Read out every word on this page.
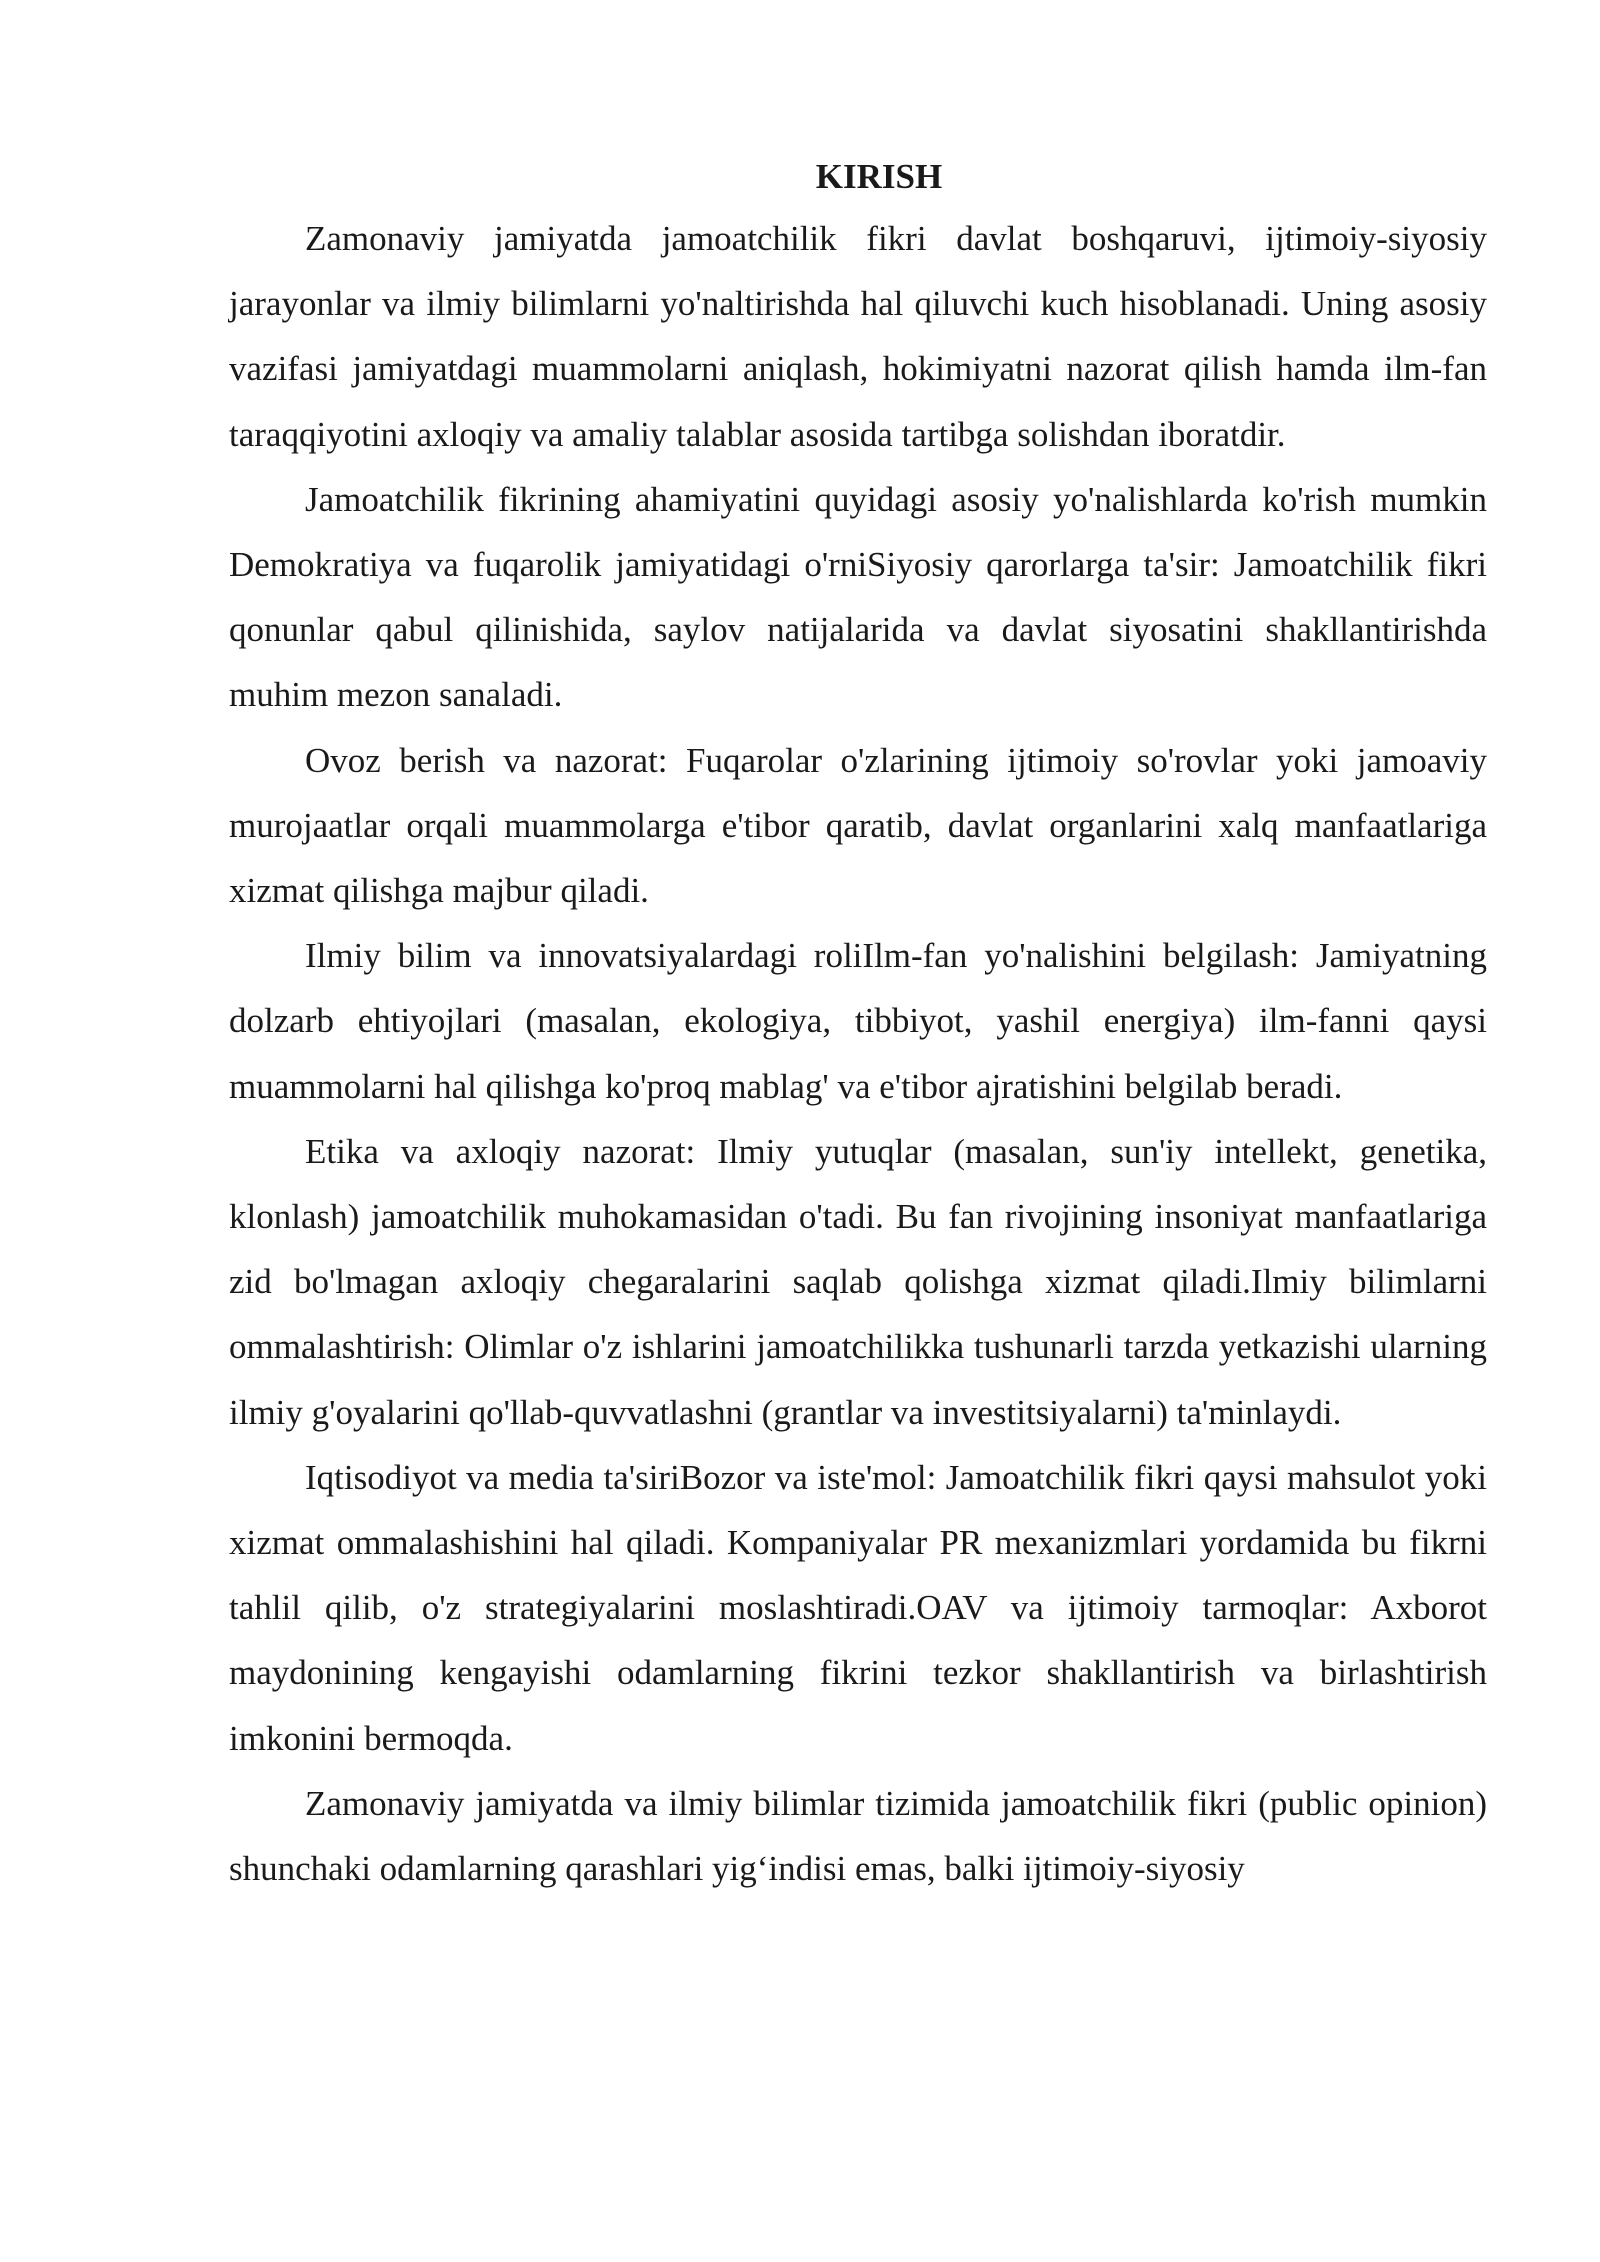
KIRISH

Zamonaviy jamiyatda jamoatchilik fikri davlat boshqaruvi, ijtimoiy-siyosiy jarayonlar va ilmiy bilimlarni yo'naltirishda hal qiluvchi kuch hisoblanadi. Uning asosiy vazifasi jamiyatdagi muammolarni aniqlash, hokimiyatni nazorat qilish hamda ilm-fan taraqqiyotini axloqiy va amaliy talablar asosida tartibga solishdan iboratdir.

Jamoatchilik fikrining ahamiyatini quyidagi asosiy yo'nalishlarda ko'rish mumkin Demokratiya va fuqarolik jamiyatidagi o'rniSiyosiy qarorlarga ta'sir: Jamoatchilik fikri qonunlar qabul qilinishida, saylov natijalarida va davlat siyosatini shakllantirishda muhim mezon sanaladi.

Ovoz berish va nazorat: Fuqarolar o'zlarining ijtimoiy so'rovlar yoki jamoaviy murojaatlar orqali muammolarga e'tibor qaratib, davlat organlarini xalq manfaatlariga xizmat qilishga majbur qiladi.

Ilmiy bilim va innovatsiyalardagi roliIlm-fan yo'nalishini belgilash: Jamiyatning dolzarb ehtiyojlari (masalan, ekologiya, tibbiyot, yashil energiya) ilm-fanni qaysi muammolarni hal qilishga ko'proq mablag' va e'tibor ajratishini belgilab beradi.

Etika va axloqiy nazorat: Ilmiy yutuqlar (masalan, sun'iy intellekt, genetika, klonlash) jamoatchilik muhokamasidan o'tadi. Bu fan rivojining insoniyat manfaatlariga zid bo'lmagan axloqiy chegaralarini saqlab qolishga xizmat qiladi.Ilmiy bilimlarni ommalashtirish: Olimlar o'z ishlarini jamoatchilikka tushunarli tarzda yetkazishi ularning ilmiy g'oyalarini qo'llab-quvvatlashni (grantlar va investitsiyalarni) ta'minlaydi.

Iqtisodiyot va media ta'siriBozor va iste'mol: Jamoatchilik fikri qaysi mahsulot yoki xizmat ommalashishini hal qiladi. Kompaniyalar PR mexanizmlari yordamida bu fikrni tahlil qilib, o'z strategiyalarini moslashtiradi.OAV va ijtimoiy tarmoqlar: Axborot maydonining kengayishi odamlarning fikrini tezkor shakllantirish va birlashtirish imkonini bermoqda.

Zamonaviy jamiyatda va ilmiy bilimlar tizimida jamoatchilik fikri (public opinion) shunchaki odamlarning qarashlari yig‘indisi emas, balki ijtimoiy-siyosiy
